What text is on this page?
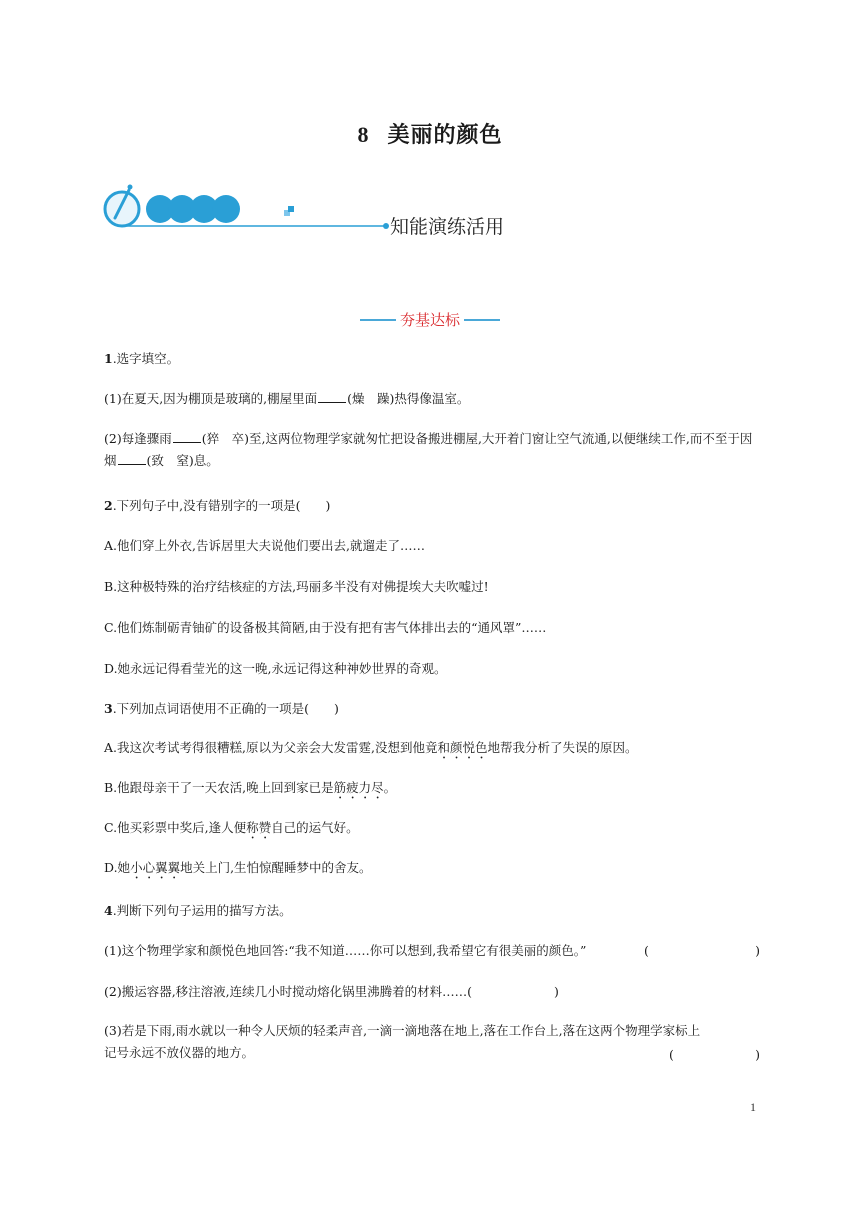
8 美丽的颜色
知能演练活用
夯基达标
1.选字填空。
(1)在夏天,因为棚顶是玻璃的,棚屋里面 (燥　躁)热得像温室。
(2)每逢骤雨 (猝　卒)至,这两位物理学家就匆忙把设备搬进棚屋,大开着门窗让空气流通,以便继续工作,而不至于因烟 (致　窒)息。
2.下列句子中,没有错别字的一项是(　　)
A.他们穿上外衣,告诉居里大夫说他们要出去,就遛走了……
B.这种极特殊的治疗结核症的方法,玛丽多半没有对佛提埃大夫吹嘘过!
C.他们炼制砺青铀矿的设备极其简陋,由于没有把有害气体排出去的“通风罩”……
D.她永远记得看莹光的这一晚,永远记得这种神妙世界的奇观。
3.下列加点词语使用不正确的一项是(　　)
A.我这次考试考得很糟糕,原以为父亲会大发雷霆,没想到他竟和颜悦色地帮我分析了失误的原因。
B.他跟母亲干了一天农活,晚上回到家已是筋疲力尽。
C.他买彩票中奖后,逢人便称赞自己的运气好。
D.她小心翼翼地关上门,生怕惊醒睡梦中的舍友。
4.判断下列句子运用的描写方法。
(1)这个物理学家和颜悦色地回答:“我不知道……你可以想到,我希望它有很美丽的颜色。”	(	)
(2)搬运容器,移注溶液,连续几小时搅动熔化锅里沸腾着的材料……(	)
(3)若是下雨,雨水就以一种令人厌烦的轻柔声音,一滴一滴地落在地上,落在工作台上,落在这两个物理学家标上记号永远不放仪器的地方。	(	)
1
